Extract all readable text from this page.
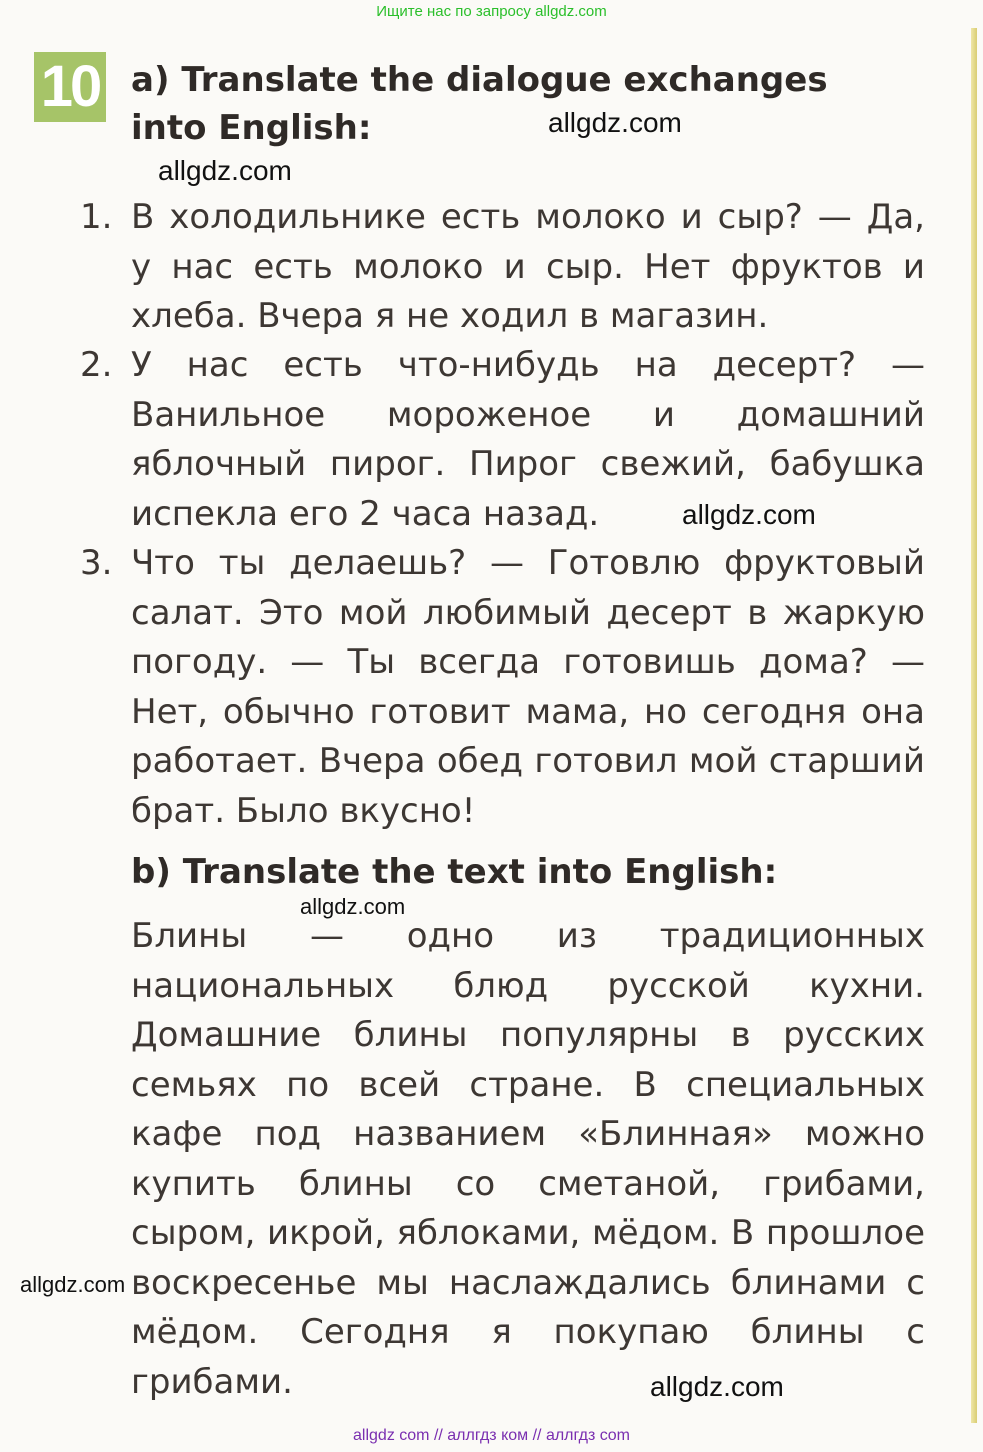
Ищите нас по запросу allgdz.com
10 a) Translate the dialogue exchanges into English:
1. В холодильнике есть молоко и сыр? — Да, у нас есть молоко и сыр. Нет фруктов и хлеба. Вчера я не ходил в магазин.

2. У нас есть что-нибудь на десерт? — Ванильное мороженое и домашний яблочный пирог. Пирог свежий, бабушка испекла его 2 часа назад.

3. Что ты делаешь? — Готовлю фруктовый салат. Это мой любимый десерт в жаркую погоду. — Ты всегда готовишь дома? — Нет, обычно готовит мама, но сегодня она работает. Вчера обед готовил мой старший брат. Было вкусно!

b) Translate the text into English:

Блины — одно из традиционных национальных блюд русской кухни. Домашние блины популярны в русских семьях по всей стране. В специальных кафе под названием «Блинная» можно купить блины со сметаной, грибами, сыром, икрой, яблоками, мёдом. В прошлое воскресенье мы наслаждались блинами с мёдом. Сегодня я покупаю блины с грибами.

allgdz.com
allgdz.com
allgdz.com
allgdz.com
allgdz.com
allgdz.com
allgdz com // аллгдз ком // аллгдз com
